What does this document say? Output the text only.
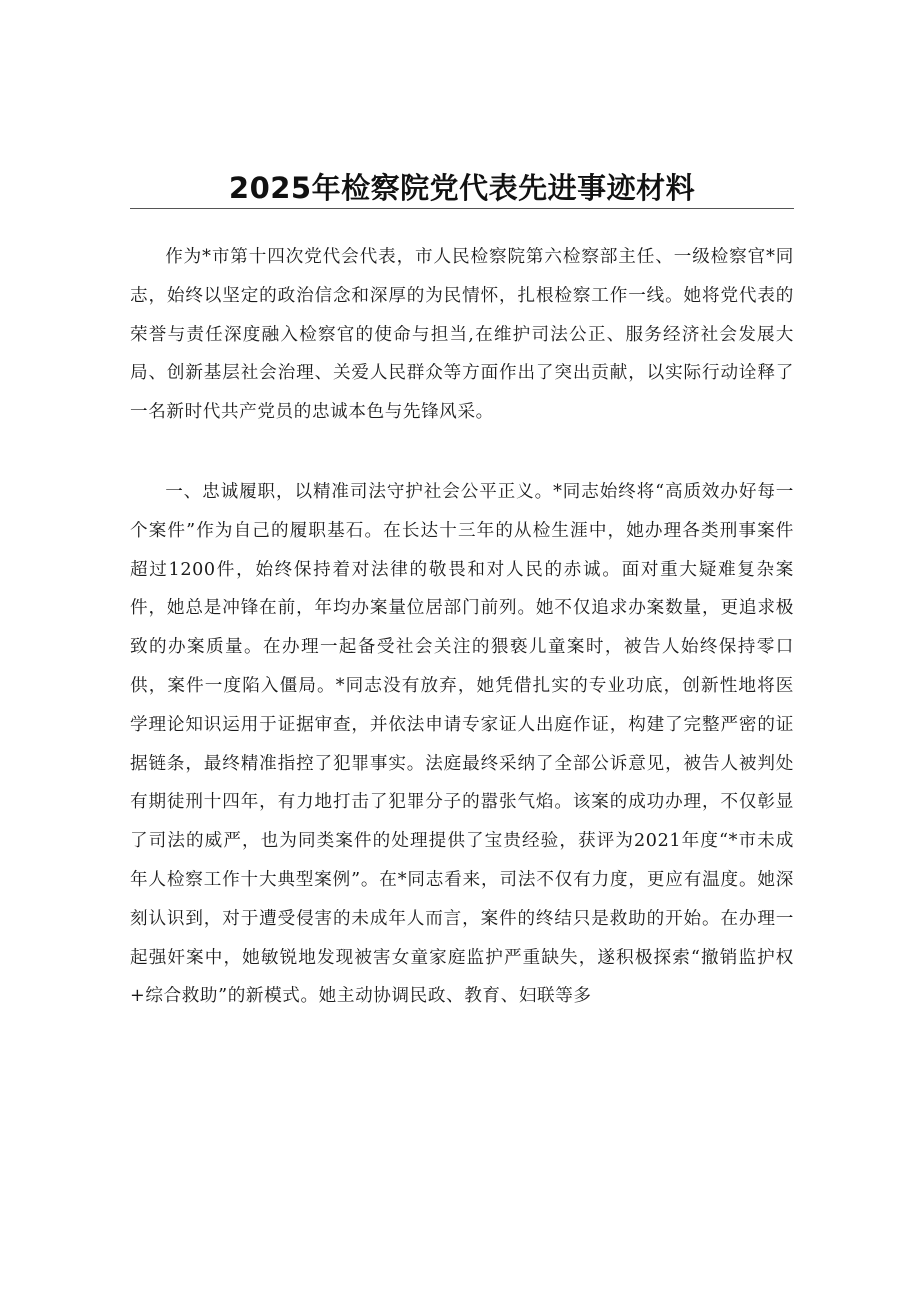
2025年检察院党代表先进事迹材料

作为*市第十四次党代会代表，市人民检察院第六检察部主任、一级检察官*同志，始终以坚定的政治信念和深厚的为民情怀，扎根检察工作一线。她将党代表的荣誉与责任深度融入检察官的使命与担当,在维护司法公正、服务经济社会发展大局、创新基层社会治理、关爱人民群众等方面作出了突出贡献，以实际行动诠释了一名新时代共产党员的忠诚本色与先锋风采。

一、忠诚履职，以精准司法守护社会公平正义。*同志始终将“高质效办好每一个案件”作为自己的履职基石。在长达十三年的从检生涯中，她办理各类刑事案件超过1200件，始终保持着对法律的敬畏和对人民的赤诚。面对重大疑难复杂案件，她总是冲锋在前，年均办案量位居部门前列。她不仅追求办案数量，更追求极致的办案质量。在办理一起备受社会关注的猥亵儿童案时，被告人始终保持零口供，案件一度陷入僵局。*同志没有放弃，她凭借扎实的专业功底，创新性地将医学理论知识运用于证据审查，并依法申请专家证人出庭作证，构建了完整严密的证据链条，最终精准指控了犯罪事实。法庭最终采纳了全部公诉意见，被告人被判处有期徒刑十四年，有力地打击了犯罪分子的嚣张气焰。该案的成功办理，不仅彰显了司法的威严，也为同类案件的处理提供了宝贵经验，获评为2021年度“*市未成年人检察工作十大典型案例”。在*同志看来，司法不仅有力度，更应有温度。她深刻认识到，对于遭受侵害的未成年人而言，案件的终结只是救助的开始。在办理一起强奸案中，她敏锐地发现被害女童家庭监护严重缺失，遂积极探索“撤销监护权+综合救助”的新模式。她主动协调民政、教育、妇联等多
